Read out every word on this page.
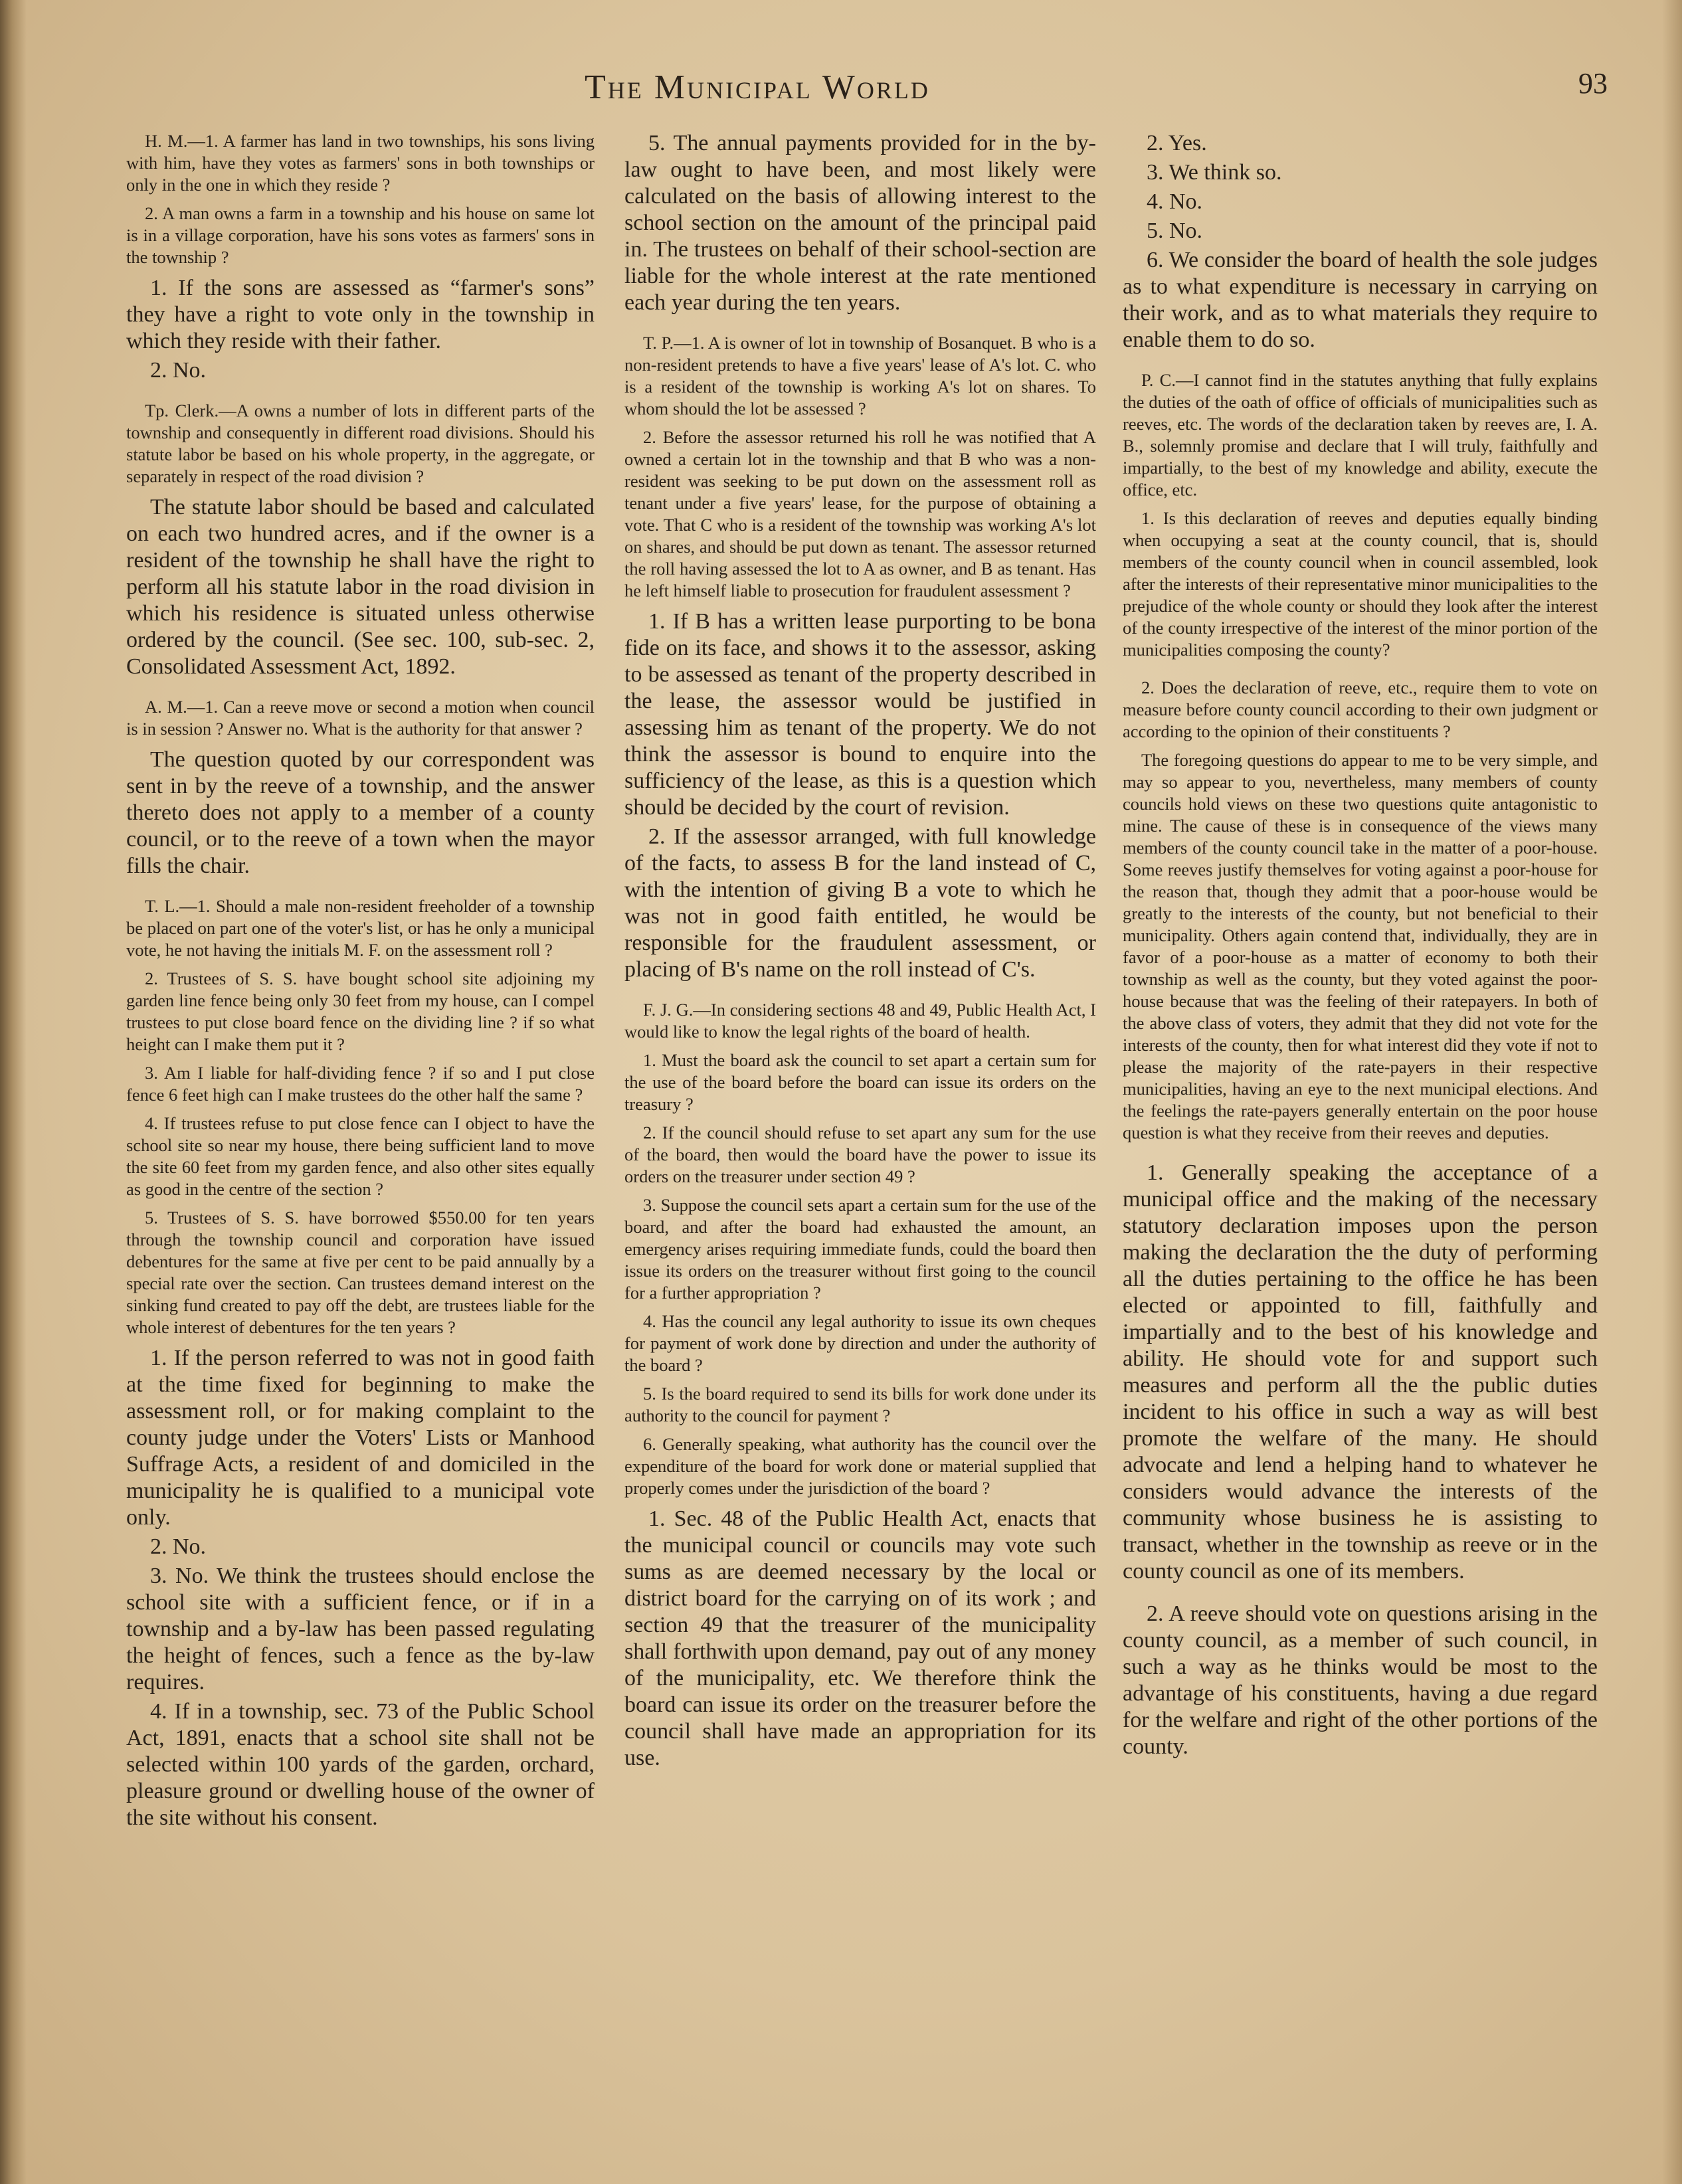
The Municipal World	93

H. M.—1. A farmer has land in two townships, his sons living with him, have they votes as farmers' sons in both townships or only in the one in which they reside ?

2. A man owns a farm in a township and his house on same lot is in a village corporation, have his sons votes as farmers' sons in the township ?

1. If the sons are assessed as “farmer's sons” they have a right to vote only in the township in which they reside with their father.

2. No.

Tp. Clerk.—A owns a number of lots in different parts of the township and consequently in different road divisions. Should his statute labor be based on his whole property, in the aggregate, or separately in respect of the road division ?

The statute labor should be based and calculated on each two hundred acres, and if the owner is a resident of the township he shall have the right to perform all his statute labor in the road division in which his residence is situated unless otherwise ordered by the council. (See sec. 100, sub-sec. 2, Consolidated Assessment Act, 1892.

A. M.—1. Can a reeve move or second a motion when council is in session ? Answer no. What is the authority for that answer ?

The question quoted by our correspondent was sent in by the reeve of a township, and the answer thereto does not apply to a member of a county council, or to the reeve of a town when the mayor fills the chair.

T. L.—1. Should a male non-resident freeholder of a township be placed on part one of the voter's list, or has he only a municipal vote, he not having the initials M. F. on the assessment roll ?

2. Trustees of S. S. have bought school site adjoining my garden line fence being only 30 feet from my house, can I compel trustees to put close board fence on the dividing line ? if so what height can I make them put it ?

3. Am I liable for half-dividing fence ? if so and I put close fence 6 feet high can I make trustees do the other half the same ?

4. If trustees refuse to put close fence can I object to have the school site so near my house, there being sufficient land to move the site 60 feet from my garden fence, and also other sites equally as good in the centre of the section ?

5. Trustees of S. S. have borrowed $550.00 for ten years through the township council and corporation have issued debentures for the same at five per cent to be paid annually by a special rate over the section. Can trustees demand interest on the sinking fund created to pay off the debt, are trustees liable for the whole interest of debentures for the ten years ?

1. If the person referred to was not in good faith at the time fixed for beginning to make the assessment roll, or for making complaint to the county judge under the Voters' Lists or Manhood Suffrage Acts, a resident of and domiciled in the municipality he is qualified to a municipal vote only.

2. No.

3. No. We think the trustees should enclose the school site with a sufficient fence, or if in a township and a by-law has been passed regulating the height of fences, such a fence as the by-law requires.

4. If in a township, sec. 73 of the Public School Act, 1891, enacts that a school site shall not be selected within 100 yards of the garden, orchard, pleasure ground or dwelling house of the owner of the site without his consent.

5. The annual payments provided for in the by-law ought to have been, and most likely were calculated on the basis of allowing interest to the school section on the amount of the principal paid in. The trustees on behalf of their school-section are liable for the whole interest at the rate mentioned each year during the ten years.

T. P.—1. A is owner of lot in township of Bosanquet. B who is a non-resident pretends to have a five years' lease of A's lot. C. who is a resident of the township is working A's lot on shares. To whom should the lot be assessed ?

2. Before the assessor returned his roll he was notified that A owned a certain lot in the township and that B who was a non-resident was seeking to be put down on the assessment roll as tenant under a five years' lease, for the purpose of obtaining a vote. That C who is a resident of the township was working A's lot on shares, and should be put down as tenant. The assessor returned the roll having assessed the lot to A as owner, and B as tenant. Has he left himself liable to prosecution for fraudulent assessment ?

1. If B has a written lease purporting to be bona fide on its face, and shows it to the assessor, asking to be assessed as tenant of the property described in the lease, the assessor would be justified in assessing him as tenant of the property. We do not think the assessor is bound to enquire into the sufficiency of the lease, as this is a question which should be decided by the court of revision.

2. If the assessor arranged, with full knowledge of the facts, to assess B for the land instead of C, with the intention of giving B a vote to which he was not in good faith entitled, he would be responsible for the fraudulent assessment, or placing of B's name on the roll instead of C's.

F. J. G.—In considering sections 48 and 49, Public Health Act, I would like to know the legal rights of the board of health.

1. Must the board ask the council to set apart a certain sum for the use of the board before the board can issue its orders on the treasury ?

2. If the council should refuse to set apart any sum for the use of the board, then would the board have the power to issue its orders on the treasurer under section 49 ?

3. Suppose the council sets apart a certain sum for the use of the board, and after the board had exhausted the amount, an emergency arises requiring immediate funds, could the board then issue its orders on the treasurer without first going to the council for a further appropriation ?

4. Has the council any legal authority to issue its own cheques for payment of work done by direction and under the authority of the board ?

5. Is the board required to send its bills for work done under its authority to the council for payment ?

6. Generally speaking, what authority has the council over the expenditure of the board for work done or material supplied that properly comes under the jurisdiction of the board ?

1. Sec. 48 of the Public Health Act, enacts that the municipal council or councils may vote such sums as are deemed necessary by the local or district board for the carrying on of its work ; and section 49 that the treasurer of the municipality shall forthwith upon demand, pay out of any money of the municipality, etc. We therefore think the board can issue its order on the treasurer before the council shall have made an appropriation for its use.

2. Yes.

3. We think so.

4. No.

5. No.

6. We consider the board of health the sole judges as to what expenditure is necessary in carrying on their work, and as to what materials they require to enable them to do so.

P. C.—I cannot find in the statutes anything that fully explains the duties of the oath of office of officials of municipalities such as reeves, etc. The words of the declaration taken by reeves are, I. A. B., solemnly promise and declare that I will truly, faithfully and impartially, to the best of my knowledge and ability, execute the office, etc.

1. Is this declaration of reeves and deputies equally binding when occupying a seat at the county council, that is, should members of the county council when in council assembled, look after the interests of their representative minor municipalities to the prejudice of the whole county or should they look after the interest of the county irrespective of the interest of the minor portion of the municipalities composing the county?

2. Does the declaration of reeve, etc., require them to vote on measure before county council according to their own judgment or according to the opinion of their constituents ?

The foregoing questions do appear to me to be very simple, and may so appear to you, nevertheless, many members of county councils hold views on these two questions quite antagonistic to mine. The cause of these is in consequence of the views many members of the county council take in the matter of a poor-house. Some reeves justify themselves for voting against a poor-house for the reason that, though they admit that a poor-house would be greatly to the interests of the county, but not beneficial to their municipality. Others again contend that, individually, they are in favor of a poor-house as a matter of economy to both their township as well as the county, but they voted against the poor-house because that was the feeling of their ratepayers. In both of the above class of voters, they admit that they did not vote for the interests of the county, then for what interest did they vote if not to please the majority of the rate-payers in their respective municipalities, having an eye to the next municipal elections. And the feelings the rate-payers generally entertain on the poor house question is what they receive from their reeves and deputies.

1. Generally speaking the acceptance of a municipal office and the making of the necessary statutory declaration imposes upon the person making the declaration the the duty of performing all the duties pertaining to the office he has been elected or appointed to fill, faithfully and impartially and to the best of his knowledge and ability. He should vote for and support such measures and perform all the the public duties incident to his office in such a way as will best promote the welfare of the many. He should advocate and lend a helping hand to whatever he considers would advance the interests of the community whose business he is assisting to transact, whether in the township as reeve or in the county council as one of its members.

2. A reeve should vote on questions arising in the county council, as a member of such council, in such a way as he thinks would be most to the advantage of his constituents, having a due regard for the welfare and right of the other portions of the county.
